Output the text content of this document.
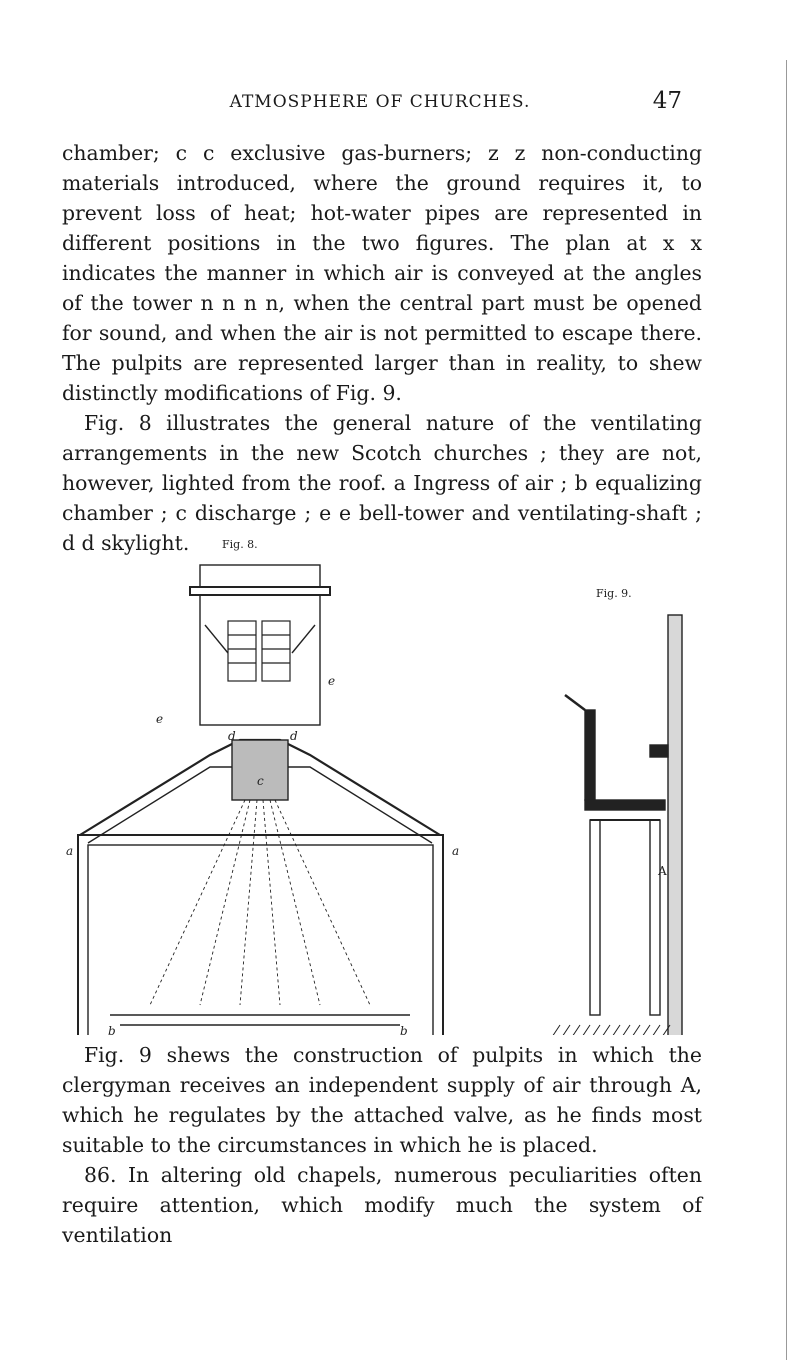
ATMOSPHERE OF CHURCHES.	47

chamber; c c exclusive gas-burners; z z non-conducting materials introduced, where the ground requires it, to prevent loss of heat; hot-water pipes are represented in different positions in the two figures. The plan at x x indicates the manner in which air is conveyed at the angles of the tower n n n n, when the central part must be opened for sound, and when the air is not permitted to escape there. The pulpits are represented larger than in reality, to shew distinctly modifications of Fig. 9.

Fig. 8 illustrates the general nature of the ventilating arrangements in the new Scotch churches ; they are not, however, lighted from the roof. a Ingress of air ; b equalizing chamber ; c discharge ; e e bell-tower and ventilating-shaft ; d d skylight.	Fig. 8.
e
e
d	d
c
a	a
b	b
Fig. 9.
A

Fig. 9 shews the construction of pulpits in which the clergyman receives an independent supply of air through A, which he regulates by the attached valve, as he finds most suitable to the circumstances in which he is placed.

86. In altering old chapels, numerous peculiarities often require attention, which modify much the system of ventilation
